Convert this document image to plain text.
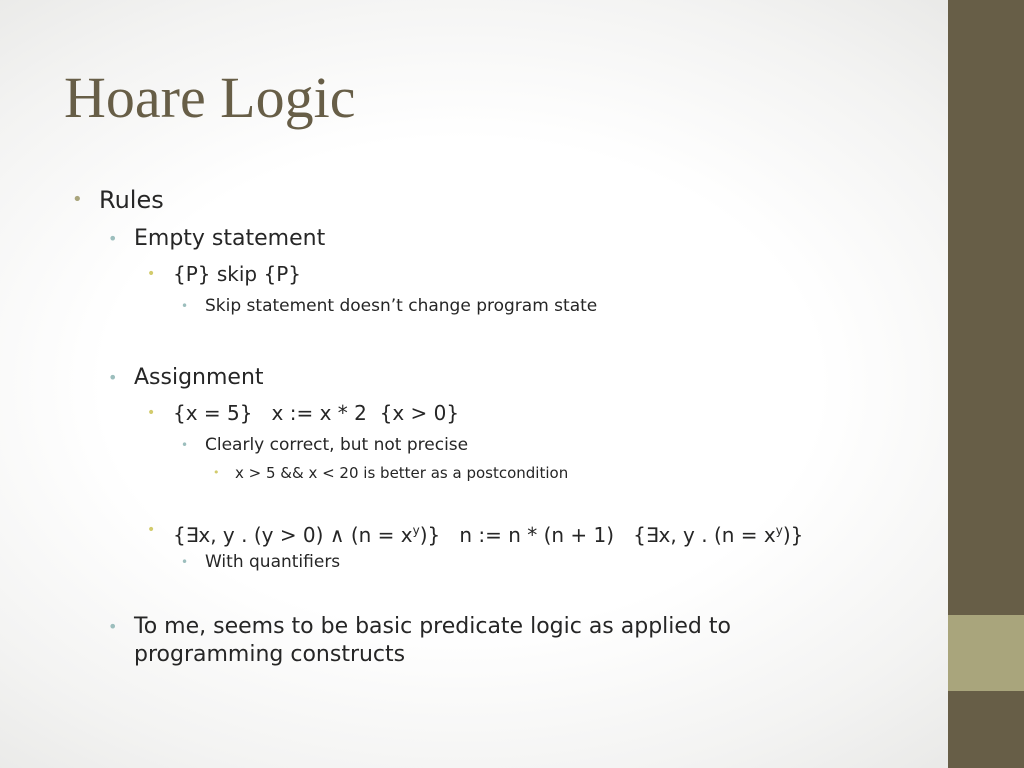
Hoare Logic
• Rules
• Empty statement
• {P} skip {P}
• Skip statement doesn’t change program state
• Assignment
• {x = 5}   x := x * 2  {x > 0}
• Clearly correct, but not precise
• x > 5 && x < 20 is better as a postcondition
• {∃x, y . (y > 0) ∧ $(n = x^y)$}   n := n * (n + 1)   {∃x, y . $(n = x^y)$}
• With quantifiers
• To me, seems to be basic predicate logic as applied to programming constructs
